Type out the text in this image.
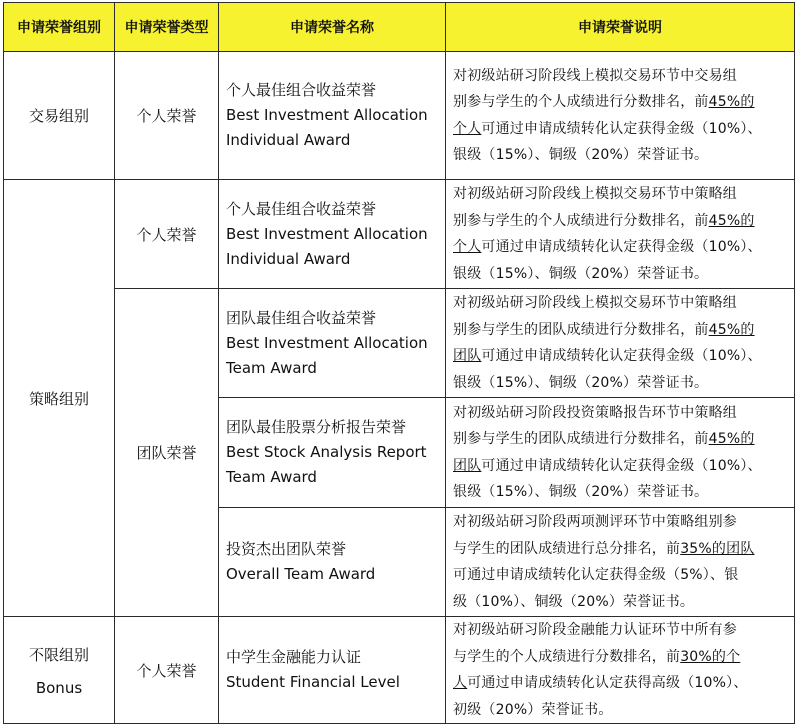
申请荣誉组别	申请荣誉类型	申请荣誉名称	申请荣誉说明
交易组别	个人荣誉	个人最佳组合收益荣誉
Best Investment Allocation
Individual Award	对初级站研习阶段线上模拟交易环节中交易组
别参与学生的个人成绩进行分数排名，前45%的
个人可通过申请成绩转化认定获得金级（10%）、
银级（15%）、铜级（20%）荣誉证书。

策略组别	个人荣誉	个人最佳组合收益荣誉
Best Investment Allocation
Individual Award	对初级站研习阶段线上模拟交易环节中策略组
别参与学生的个人成绩进行分数排名，前45%的
个人可通过申请成绩转化认定获得金级（10%）、
银级（15%）、铜级（20%）荣誉证书。

	团队荣誉	团队最佳组合收益荣誉
Best Investment Allocation
Team Award	对初级站研习阶段线上模拟交易环节中策略组
别参与学生的团队成绩进行分数排名，前45%的
团队可通过申请成绩转化认定获得金级（10%）、
银级（15%）、铜级（20%）荣誉证书。

		团队最佳股票分析报告荣誉
Best Stock Analysis Report
Team Award	对初级站研习阶段投资策略报告环节中策略组
别参与学生的团队成绩进行分数排名，前45%的
团队可通过申请成绩转化认定获得金级（10%）、
银级（15%）、铜级（20%）荣誉证书。

		投资杰出团队荣誉
Overall Team Award	对初级站研习阶段两项测评环节中策略组别参
与学生的团队成绩进行总分排名，前35%的团队
可通过申请成绩转化认定获得金级（5%）、银
级（10%）、铜级（20%）荣誉证书。

不限组别
Bonus	个人荣誉	中学生金融能力认证
Student Financial Level	对初级站研习阶段金融能力认证环节中所有参
与学生的个人成绩进行分数排名，前30%的个
人可通过申请成绩转化认定获得高级（10%）、
初级（20%）荣誉证书。
